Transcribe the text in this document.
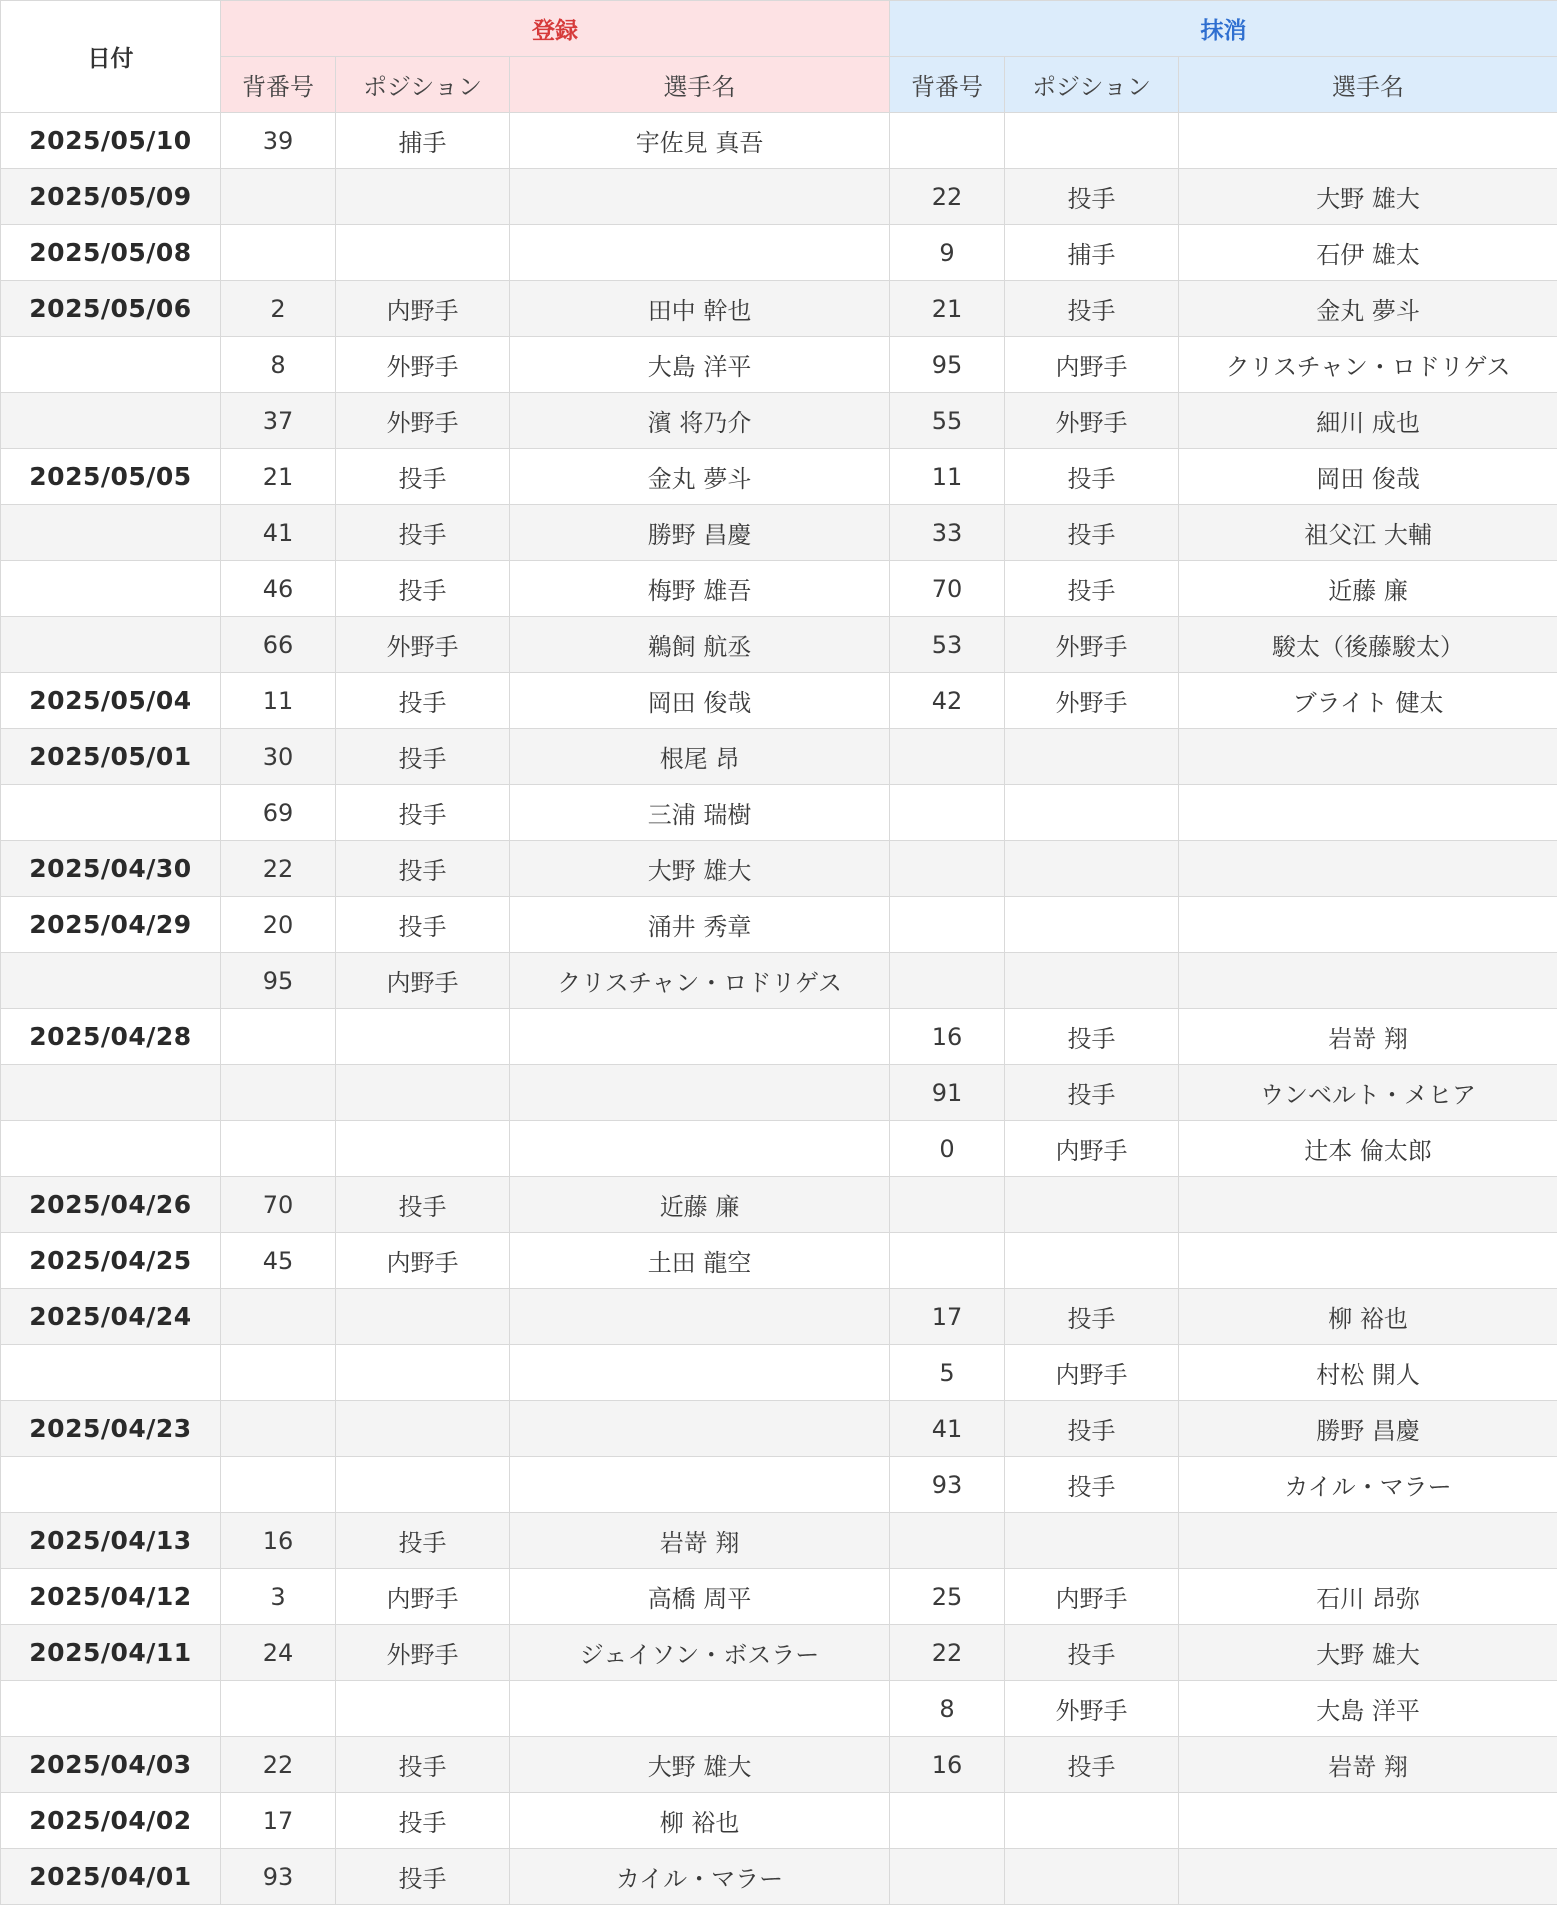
日付	登録			抹消		
	背番号	ポジション	選手名	背番号	ポジション	選手名
2025/05/10	39	捕手	宇佐見 真吾			
2025/05/09				22	投手	大野 雄大
2025/05/08				9	捕手	石伊 雄太
2025/05/06	2	内野手	田中 幹也	21	投手	金丸 夢斗
	8	外野手	大島 洋平	95	内野手	クリスチャン・ロドリゲス
	37	外野手	濱 将乃介	55	外野手	細川 成也
2025/05/05	21	投手	金丸 夢斗	11	投手	岡田 俊哉
	41	投手	勝野 昌慶	33	投手	祖父江 大輔
	46	投手	梅野 雄吾	70	投手	近藤 廉
	66	外野手	鵜飼 航丞	53	外野手	駿太（後藤駿太）
2025/05/04	11	投手	岡田 俊哉	42	外野手	ブライト 健太
2025/05/01	30	投手	根尾 昂			
	69	投手	三浦 瑞樹			
2025/04/30	22	投手	大野 雄大			
2025/04/29	20	投手	涌井 秀章			
	95	内野手	クリスチャン・ロドリゲス			
2025/04/28				16	投手	岩嵜 翔
				91	投手	ウンベルト・メヒア
				0	内野手	辻本 倫太郎
2025/04/26	70	投手	近藤 廉			
2025/04/25	45	内野手	土田 龍空			
2025/04/24				17	投手	柳 裕也
				5	内野手	村松 開人
2025/04/23				41	投手	勝野 昌慶
				93	投手	カイル・マラー
2025/04/13	16	投手	岩嵜 翔			
2025/04/12	3	内野手	高橋 周平	25	内野手	石川 昂弥
2025/04/11	24	外野手	ジェイソン・ボスラー	22	投手	大野 雄大
				8	外野手	大島 洋平
2025/04/03	22	投手	大野 雄大	16	投手	岩嵜 翔
2025/04/02	17	投手	柳 裕也			
2025/04/01	93	投手	カイル・マラー			
